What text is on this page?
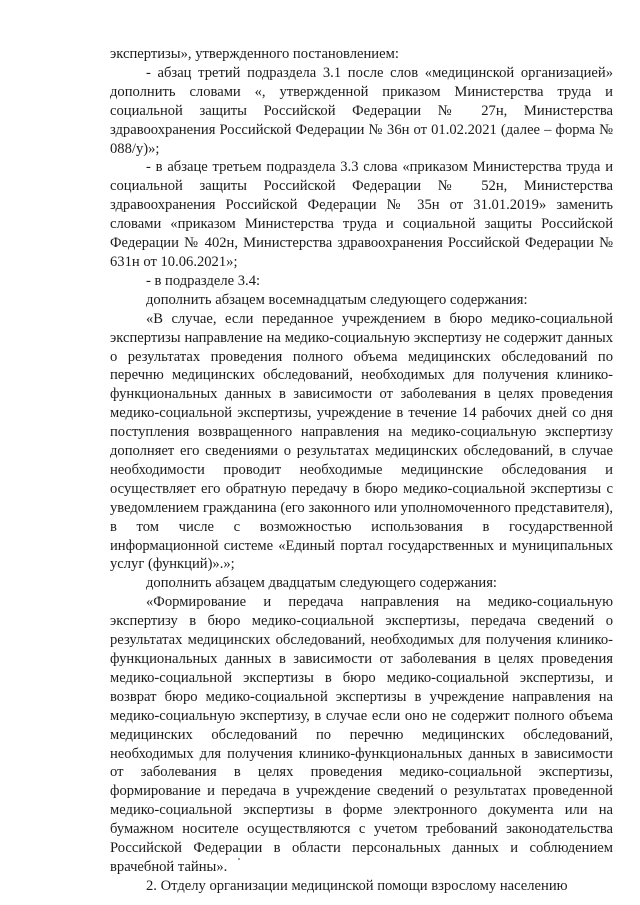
экспертизы», утвержденного постановлением:

- абзац третий подраздела 3.1 после слов «медицинской организацией» дополнить словами «, утвержденной приказом Министерства труда и социальной защиты Российской Федерации № 27н, Министерства здравоохранения Российской Федерации № 36н от 01.02.2021 (далее – форма № 088/у)»;

- в абзаце третьем подраздела 3.3 слова «приказом Министерства труда и социальной защиты Российской Федерации № 52н, Министерства здравоохранения Российской Федерации № 35н от 31.01.2019» заменить словами «приказом Министерства труда и социальной защиты Российской Федерации № 402н, Министерства здравоохранения Российской Федерации № 631н от 10.06.2021»;

- в подразделе 3.4:

дополнить абзацем восемнадцатым следующего содержания:

«В случае, если переданное учреждением в бюро медико-социальной экспертизы направление на медико-социальную экспертизу не содержит данных о результатах проведения полного объема медицинских обследований по перечню медицинских обследований, необходимых для получения клинико-функциональных данных в зависимости от заболевания в целях проведения медико-социальной экспертизы, учреждение в течение 14 рабочих дней со дня поступления возвращенного направления на медико-социальную экспертизу дополняет его сведениями о результатах медицинских обследований, в случае необходимости проводит необходимые медицинские обследования и осуществляет его обратную передачу в бюро медико-социальной экспертизы с уведомлением гражданина (его законного или уполномоченного представителя), в том числе с возможностью использования в государственной информационной системе «Единый портал государственных и муниципальных услуг (функций)».»;

дополнить абзацем двадцатым следующего содержания:

«Формирование и передача направления на медико-социальную экспертизу в бюро медико-социальной экспертизы, передача сведений о результатах медицинских обследований, необходимых для получения клинико-функциональных данных в зависимости от заболевания в целях проведения медико-социальной экспертизы в бюро медико-социальной экспертизы, и возврат бюро медико-социальной экспертизы в учреждение направления на медико-социальную экспертизу, в случае если оно не содержит полного объема медицинских обследований по перечню медицинских обследований, необходимых для получения клинико-функциональных данных в зависимости от заболевания в целях проведения медико-социальной экспертизы, формирование и передача в учреждение сведений о результатах проведенной медико-социальной экспертизы в форме электронного документа или на бумажном носителе осуществляются с учетом требований законодательства Российской Федерации в области персональных данных и соблюдением врачебной тайны».

2. Отделу организации медицинской помощи взрослому населению
